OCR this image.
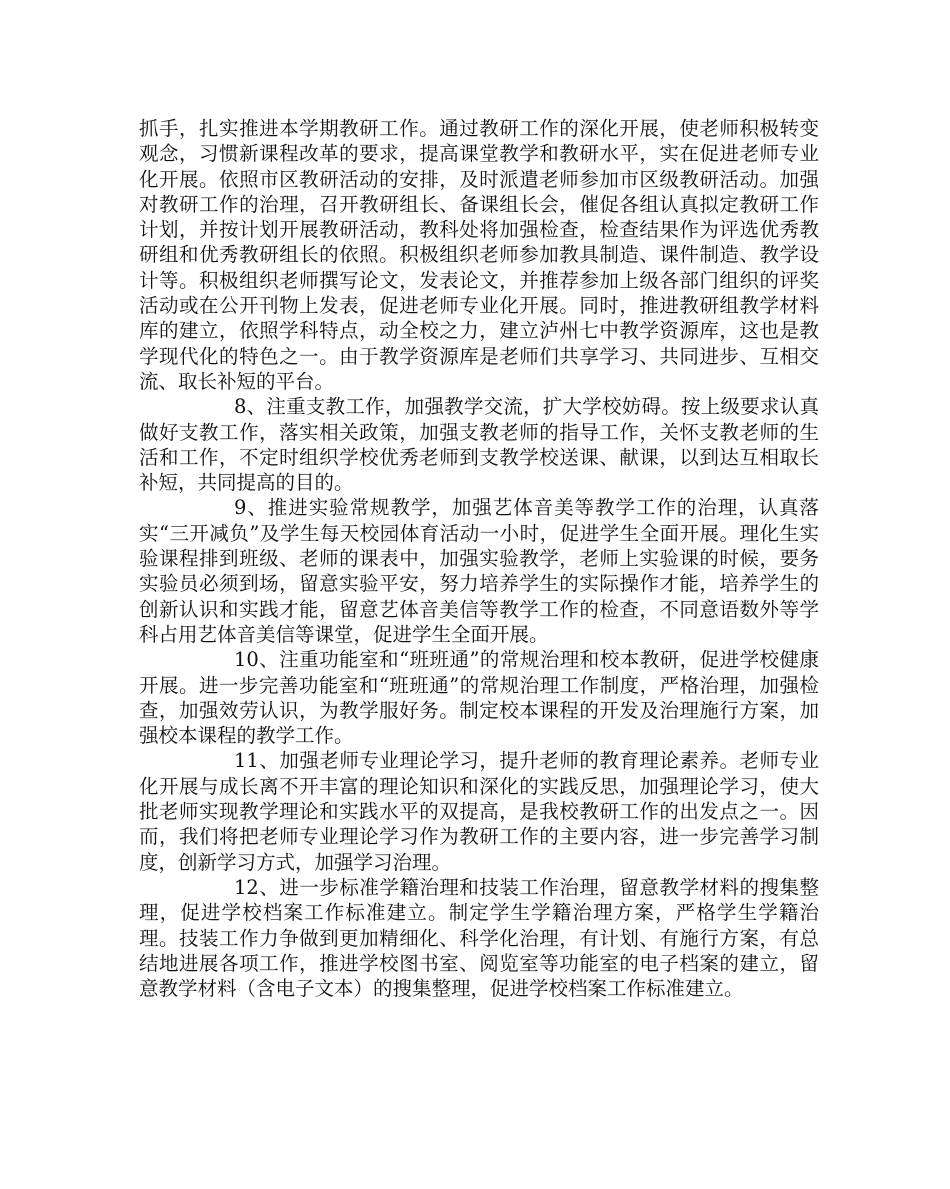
抓手，扎实推进本学期教研工作。通过教研工作的深化开展，使老师积极转变观念，习惯新课程改革的要求，提高课堂教学和教研水平，实在促进老师专业化开展。依照市区教研活动的安排，及时派遣老师参加市区级教研活动。加强对教研工作的治理，召开教研组长、备课组长会，催促各组认真拟定教研工作计划，并按计划开展教研活动，教科处将加强检查，检查结果作为评选优秀教研组和优秀教研组长的依照。积极组织老师参加教具制造、课件制造、教学设计等。积极组织老师撰写论文，发表论文，并推荐参加上级各部门组织的评奖活动或在公开刊物上发表，促进老师专业化开展。同时，推进教研组教学材料库的建立，依照学科特点，动全校之力，建立泸州七中教学资源库，这也是教学现代化的特色之一。由于教学资源库是老师们共享学习、共同进步、互相交流、取长补短的平台。

8、注重支教工作，加强教学交流，扩大学校妨碍。按上级要求认真做好支教工作，落实相关政策，加强支教老师的指导工作，关怀支教老师的生活和工作，不定时组织学校优秀老师到支教学校送课、献课，以到达互相取长补短，共同提高的目的。

9、推进实验常规教学，加强艺体音美等教学工作的治理，认真落实“三开减负”及学生每天校园体育活动一小时，促进学生全面开展。理化生实验课程排到班级、老师的课表中，加强实验教学，老师上实验课的时候，要务实验员必须到场，留意实验平安，努力培养学生的实际操作才能，培养学生的创新认识和实践才能，留意艺体音美信等教学工作的检查，不同意语数外等学科占用艺体音美信等课堂，促进学生全面开展。

10、注重功能室和“班班通”的常规治理和校本教研，促进学校健康开展。进一步完善功能室和“班班通”的常规治理工作制度，严格治理，加强检查，加强效劳认识，为教学服好务。制定校本课程的开发及治理施行方案，加强校本课程的教学工作。

11、加强老师专业理论学习，提升老师的教育理论素养。老师专业化开展与成长离不开丰富的理论知识和深化的实践反思，加强理论学习，使大批老师实现教学理论和实践水平的双提高，是我校教研工作的出发点之一。因而，我们将把老师专业理论学习作为教研工作的主要内容，进一步完善学习制度，创新学习方式，加强学习治理。

12、进一步标准学籍治理和技装工作治理，留意教学材料的搜集整理，促进学校档案工作标准建立。制定学生学籍治理方案，严格学生学籍治理。技装工作力争做到更加精细化、科学化治理，有计划、有施行方案，有总结地进展各项工作，推进学校图书室、阅览室等功能室的电子档案的建立，留意教学材料（含电子文本）的搜集整理，促进学校档案工作标准建立。
